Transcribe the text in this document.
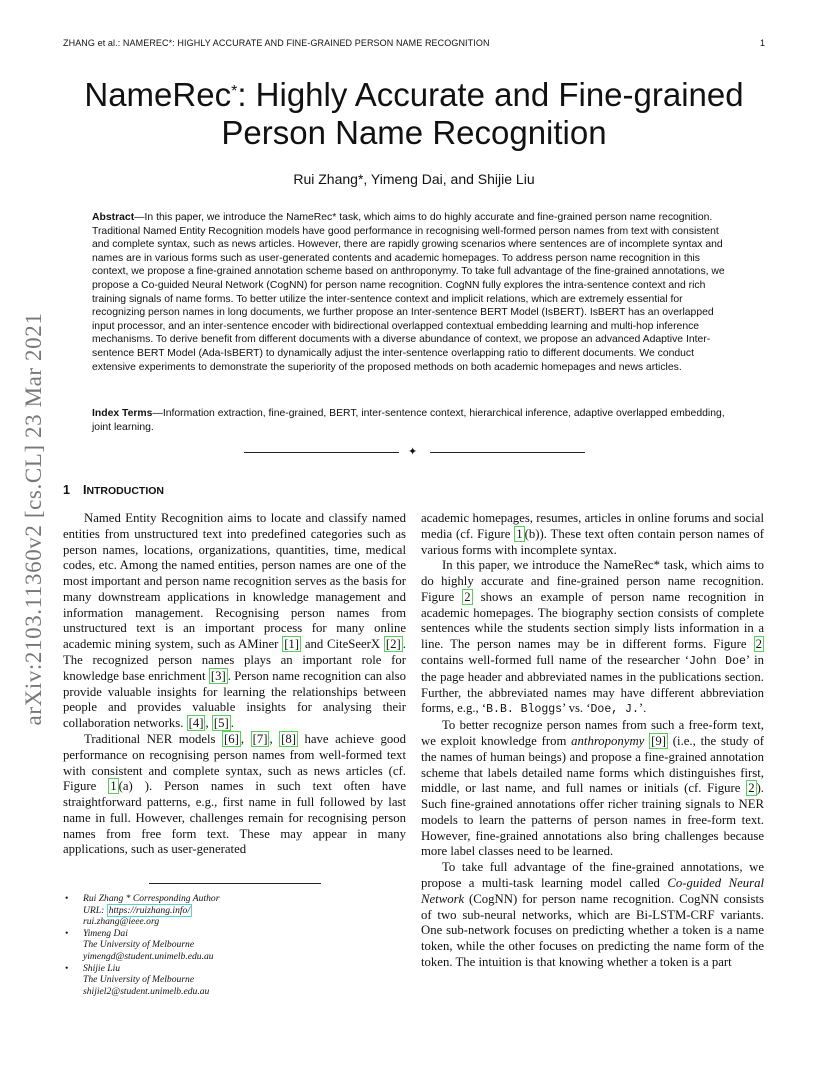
ZHANG et al.: NAMEREC*: HIGHLY ACCURATE AND FINE-GRAINED PERSON NAME RECOGNITION	1
arXiv:2103.11360v2 [cs.CL] 23 Mar 2021
NameRec*: Highly Accurate and Fine-grained
Person Name Recognition
Rui Zhang*, Yimeng Dai, and Shijie Liu

Abstract—In this paper, we introduce the NameRec* task, which aims to do highly accurate and fine-grained person name recognition. Traditional Named Entity Recognition models have good performance in recognising well-formed person names from text with consistent and complete syntax, such as news articles. However, there are rapidly growing scenarios where sentences are of incomplete syntax and names are in various forms such as user-generated contents and academic homepages. To address person name recognition in this context, we propose a fine-grained annotation scheme based on anthroponymy. To take full advantage of the fine-grained annotations, we propose a Co-guided Neural Network (CogNN) for person name recognition. CogNN fully explores the intra-sentence context and rich training signals of name forms. To better utilize the inter-sentence context and implicit relations, which are extremely essential for recognizing person names in long documents, we further propose an Inter-sentence BERT Model (IsBERT). IsBERT has an overlapped input processor, and an inter-sentence encoder with bidirectional overlapped contextual embedding learning and multi-hop inference mechanisms. To derive benefit from different documents with a diverse abundance of context, we propose an advanced Adaptive Inter-sentence BERT Model (Ada-IsBERT) to dynamically adjust the inter-sentence overlapping ratio to different documents. We conduct extensive experiments to demonstrate the superiority of the proposed methods on both academic homepages and news articles.

Index Terms—Information extraction, fine-grained, BERT, inter-sentence context, hierarchical inference, adaptive overlapped embedding, joint learning.

✦
1 INTRODUCTION

Named Entity Recognition aims to locate and classify named entities from unstructured text into predefined categories such as person names, locations, organizations, quantities, time, medical codes, etc. Among the named entities, person names are one of the most important and person name recognition serves as the basis for many downstream applications in knowledge management and information management. Recognising person names from unstructured text is an important process for many online academic mining system, such as AMiner [1] and CiteSeerX [2] . The recognized person names plays an important role for knowledge base enrichment [3] . Person name recognition can also provide valuable insights for learning the relationships between people and provides valuable insights for analysing their collaboration networks. [4] , [5] .

Traditional NER models [6] , [7] , [8] have achieve good performance on recognising person names from well-formed text with consistent and complete syntax, such as news articles (cf. Figure 1 (a) ). Person names in such text often have straightforward patterns, e.g., first name in full followed by last name in full. However, challenges remain for recognising person names from free form text. These may appear in many applications, such as user-generated

academic homepages, resumes, articles in online forums and social media (cf. Figure 1 (b)). These text often contain person names of various forms with incomplete syntax.

In this paper, we introduce the NameRec* task, which aims to do highly accurate and fine-grained person name recognition. Figure 2 shows an example of person name recognition in academic homepages. The biography section consists of complete sentences while the students section simply lists information in a line. The person names may be in different forms. Figure 2 contains well-formed full name of the researcher ‘John Doe’ in the page header and abbreviated names in the publications section. Further, the abbreviated names may have different abbreviation forms, e.g., ‘B.B. Bloggs’ vs. ‘Doe, J.’.

To better recognize person names from such a free-form text, we exploit knowledge from anthroponymy [9] (i.e., the study of the names of human beings) and propose a fine-grained annotation scheme that labels detailed name forms which distinguishes first, middle, or last name, and full names or initials (cf. Figure 2 ). Such fine-grained annotations offer richer training signals to NER models to learn the patterns of person names in free-form text. However, fine-grained annotations also bring challenges because more label classes need to be learned.

To take full advantage of the fine-grained annotations, we propose a multi-task learning model called Co-guided Neural Network (CogNN) for person name recognition. CogNN consists of two sub-neural networks, which are Bi-LSTM-CRF variants. One sub-network focuses on predicting whether a token is a name token, while the other focuses on predicting the name form of the token. The intuition is that knowing whether a token is a part

• Rui Zhang * Corresponding Author
URL: https://ruizhang.info/
rui.zhang@ieee.org
• Yimeng Dai
The University of Melbourne
yimengd@student.unimelb.edu.au
• Shijie Liu
The University of Melbourne
shijiel2@student.unimelb.edu.au
